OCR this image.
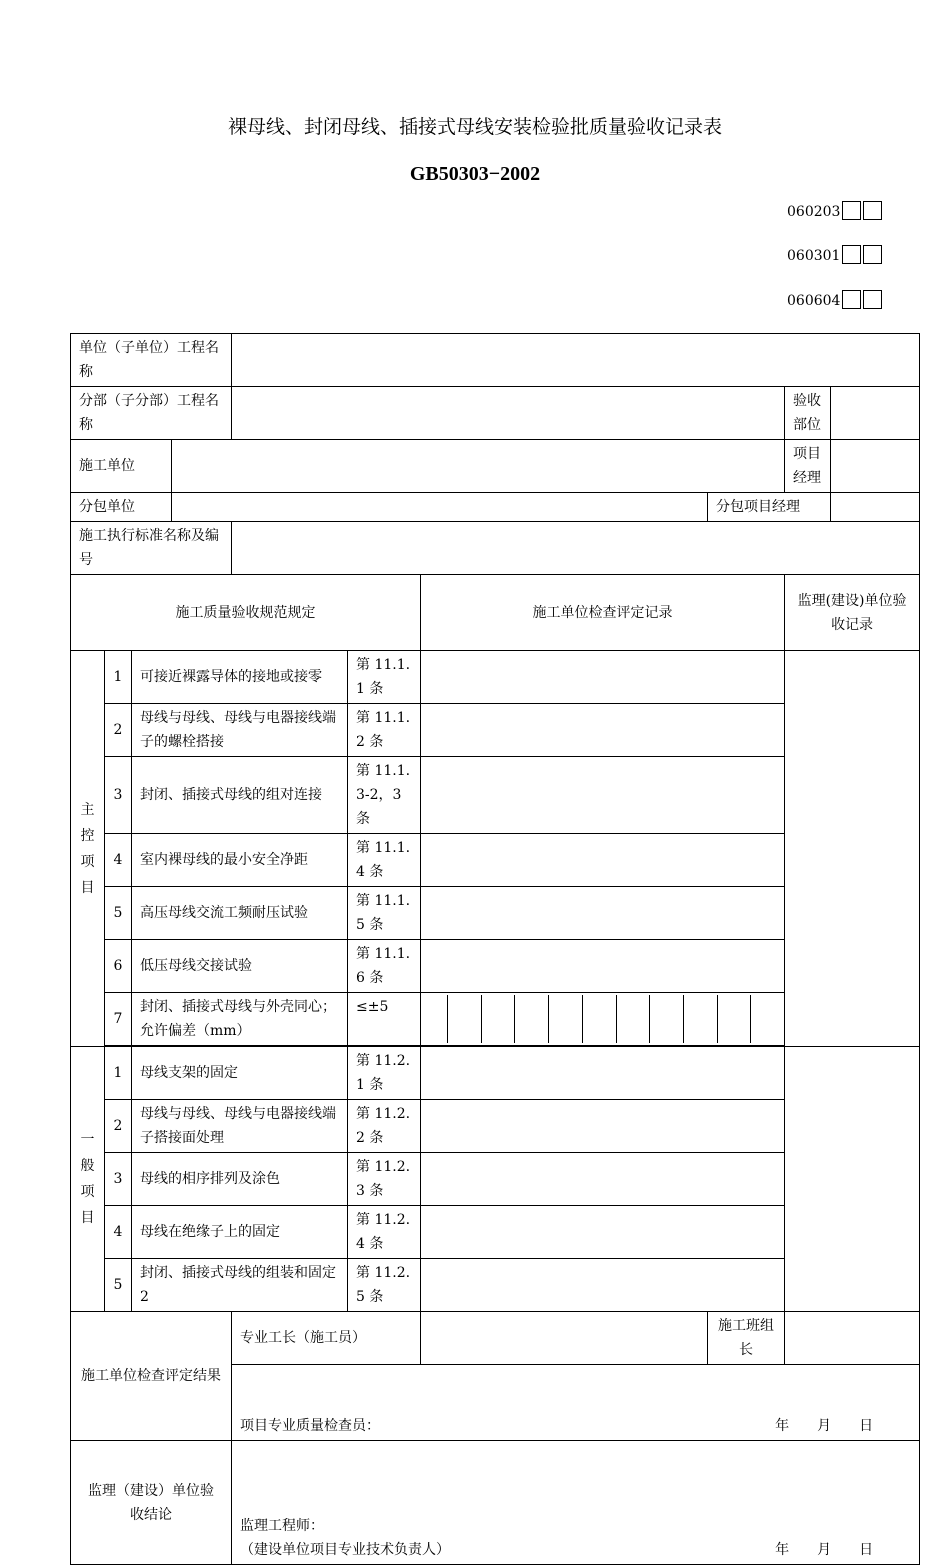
裸母线、封闭母线、插接式母线安装检验批质量验收记录表
GB50303−2002
060203
060301
060604
单位（子单位）工程名称									
分部（子分部）工程名称								验收部位	
施工单位								项目经理	
分包单位							分包项目经理		
施工执行标准名称及编号									
施工质量验收规范规定						施工单位检查评定记录		监理(建设)单位验收记录	
主控项目	1	可接近裸露导体的接地或接零			第 11.1.1 条				
	2	母线与母线、母线与电器接线端子的螺栓搭接			第 11.1.2 条				
	3	封闭、插接式母线的组对连接			第 11.1.3-2，3 条				
	4	室内裸母线的最小安全净距			第 11.1.4 条				
	5	高压母线交流工频耐压试验			第 11.1.5 条				
	6	低压母线交接试验			第 11.1.6 条				
	7	封闭、插接式母线与外壳同心；允许偏差（mm）			≤±5				

一般项目	1	母线支架的固定			第 11.2.1 条				
	2	母线与母线、母线与电器接线端子搭接面处理			第 11.2.2 条				
	3	母线的相序排列及涂色			第 11.2.3 条				
	4	母线在绝缘子上的固定			第 11.2.4 条				
	5	封闭、插接式母线的组装和固定 2			第 11.2.5 条				
施工单位检查评定结果				专业工长（施工员）			施工班组长		

				项目专业质量检查员： 年　　月　　日					

监理（建设）单位验收结论				监理工程师：
（建设单位项目专业技术负责人） 年　　月　　日					
